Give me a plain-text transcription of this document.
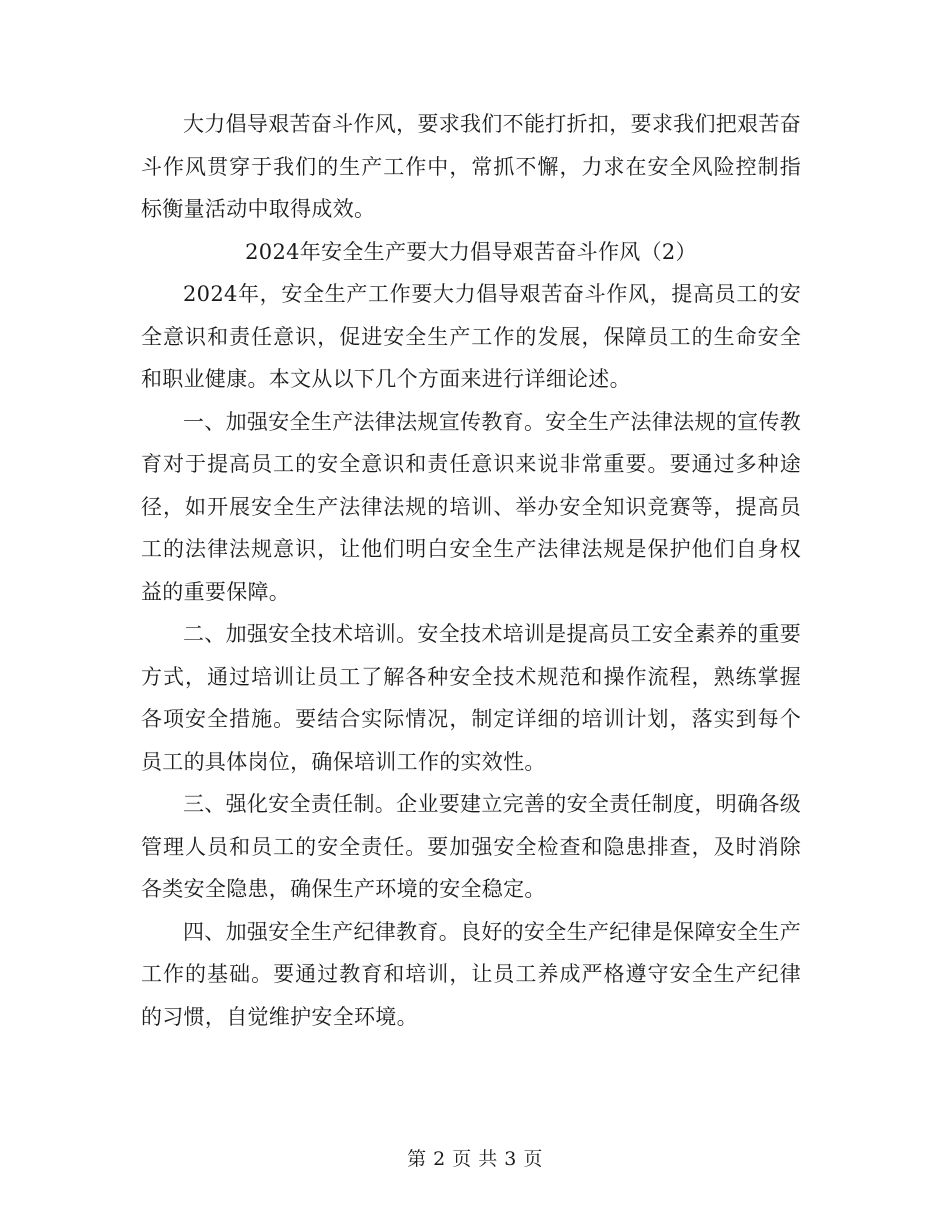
大力倡导艰苦奋斗作风，要求我们不能打折扣，要求我们把艰苦奋斗作风贯穿于我们的生产工作中，常抓不懈，力求在安全风险控制指标衡量活动中取得成效。

2024年安全生产要大力倡导艰苦奋斗作风（2）

2024年，安全生产工作要大力倡导艰苦奋斗作风，提高员工的安全意识和责任意识，促进安全生产工作的发展，保障员工的生命安全和职业健康。本文从以下几个方面来进行详细论述。

一、加强安全生产法律法规宣传教育。安全生产法律法规的宣传教育对于提高员工的安全意识和责任意识来说非常重要。要通过多种途径，如开展安全生产法律法规的培训、举办安全知识竞赛等，提高员工的法律法规意识，让他们明白安全生产法律法规是保护他们自身权益的重要保障。

二、加强安全技术培训。安全技术培训是提高员工安全素养的重要方式，通过培训让员工了解各种安全技术规范和操作流程，熟练掌握各项安全措施。要结合实际情况，制定详细的培训计划，落实到每个员工的具体岗位，确保培训工作的实效性。

三、强化安全责任制。企业要建立完善的安全责任制度，明确各级管理人员和员工的安全责任。要加强安全检查和隐患排查，及时消除各类安全隐患，确保生产环境的安全稳定。

四、加强安全生产纪律教育。良好的安全生产纪律是保障安全生产工作的基础。要通过教育和培训，让员工养成严格遵守安全生产纪律的习惯，自觉维护安全环境。

第 2 页 共 3 页
